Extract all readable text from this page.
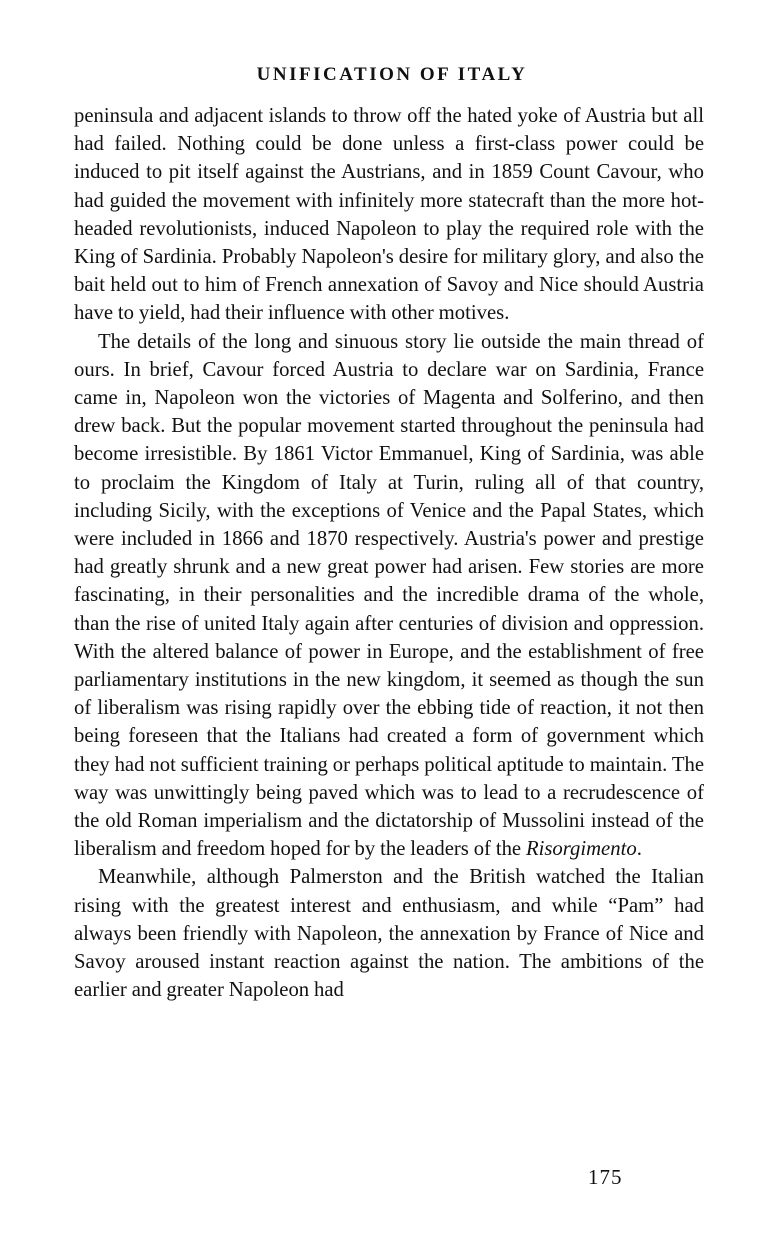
UNIFICATION OF ITALY

peninsula and adjacent islands to throw off the hated yoke of Austria but all had failed. Nothing could be done unless a first-class power could be induced to pit itself against the Austrians, and in 1859 Count Cavour, who had guided the movement with infinitely more statecraft than the more hot-headed revolutionists, induced Napoleon to play the required role with the King of Sardinia. Probably Napoleon's desire for military glory, and also the bait held out to him of French annexation of Savoy and Nice should Austria have to yield, had their influence with other motives.

The details of the long and sinuous story lie outside the main thread of ours. In brief, Cavour forced Austria to declare war on Sardinia, France came in, Napoleon won the victories of Magenta and Solferino, and then drew back. But the popular movement started throughout the peninsula had become irresistible. By 1861 Victor Emmanuel, King of Sardinia, was able to proclaim the Kingdom of Italy at Turin, ruling all of that country, including Sicily, with the exceptions of Venice and the Papal States, which were included in 1866 and 1870 respectively. Austria's power and prestige had greatly shrunk and a new great power had arisen. Few stories are more fascinating, in their personalities and the incredible drama of the whole, than the rise of united Italy again after centuries of division and oppression. With the altered balance of power in Europe, and the establishment of free parliamentary institutions in the new kingdom, it seemed as though the sun of liberalism was rising rapidly over the ebbing tide of reaction, it not then being foreseen that the Italians had created a form of government which they had not sufficient training or perhaps political aptitude to maintain. The way was unwittingly being paved which was to lead to a recrudescence of the old Roman imperialism and the dictatorship of Mussolini instead of the liberalism and freedom hoped for by the leaders of the Risorgimento.

Meanwhile, although Palmerston and the British watched the Italian rising with the greatest interest and enthusiasm, and while “Pam” had always been friendly with Napoleon, the annexation by France of Nice and Savoy aroused instant reaction against the nation. The ambitions of the earlier and greater Napoleon had

175
